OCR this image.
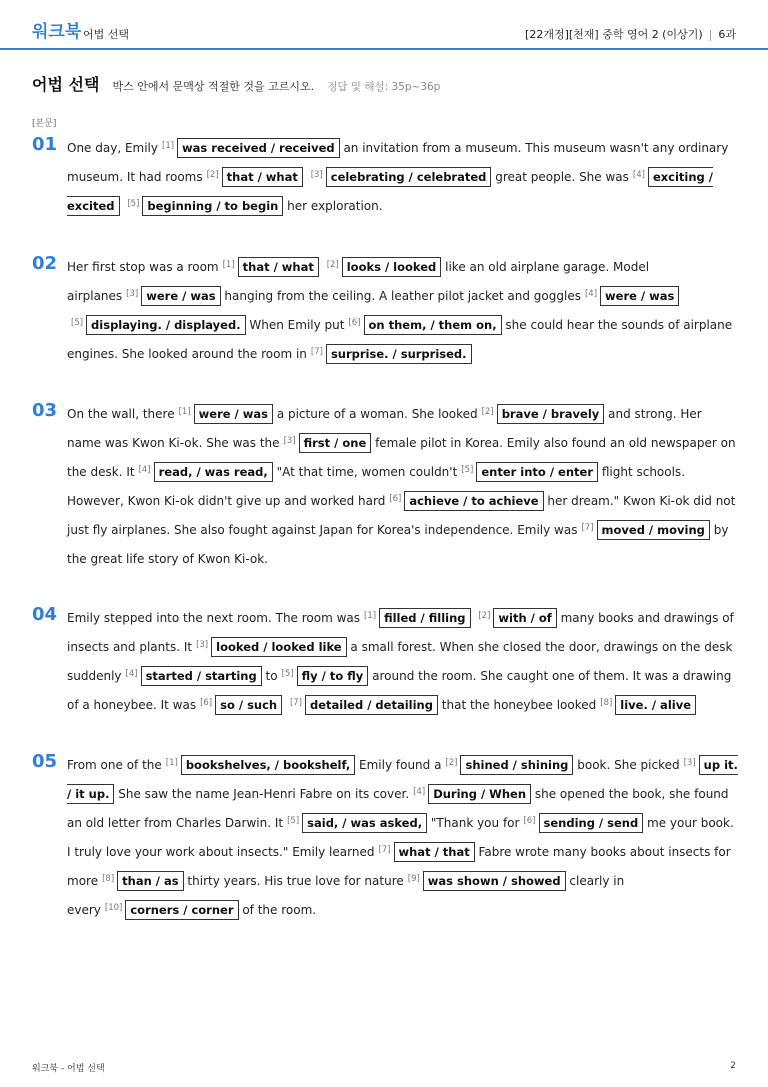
워크북 어법 선택	[22개정][천재] 중학 영어 2 (이상기) | 6과
어법 선택 박스 안에서 문맥상 적절한 것을 고르시오. 정답 및 해설: 35p~36p
[본문]
01 One day, Emily [1] was received / received an invitation from a museum. This museum wasn't any ordinary museum. It had rooms [2] that / what [3] celebrating / celebrated great people. She was [4] exciting / excited [5] beginning / to begin her exploration.
02 Her first stop was a room [1] that / what [2] looks / looked like an old airplane garage. Model airplanes [3] were / was hanging from the ceiling. A leather pilot jacket and goggles [4] were / was [5] displaying. / displayed. When Emily put [6] on them, / them on, she could hear the sounds of airplane engines. She looked around the room in [7] surprise. / surprised.
03 On the wall, there [1] were / was a picture of a woman. She looked [2] brave / bravely and strong. Her name was Kwon Ki-ok. She was the [3] first / one female pilot in Korea. Emily also found an old newspaper on the desk. It [4] read, / was read, "At that time, women couldn't [5] enter into / enter flight schools. However, Kwon Ki-ok didn't give up and worked hard [6] achieve / to achieve her dream." Kwon Ki-ok did not just fly airplanes. She also fought against Japan for Korea's independence. Emily was [7] moved / moving by the great life story of Kwon Ki-ok.
04 Emily stepped into the next room. The room was [1] filled / filling [2] with / of many books and drawings of insects and plants. It [3] looked / looked like a small forest. When she closed the door, drawings on the desk suddenly [4] started / starting to [5] fly / to fly around the room. She caught one of them. It was a drawing of a honeybee. It was [6] so / such [7] detailed / detailing that the honeybee looked [8] live. / alive
05 From one of the [1] bookshelves, / bookshelf, Emily found a [2] shined / shining book. She picked [3] up it. / it up. She saw the name Jean-Henri Fabre on its cover. [4] During / When she opened the book, she found an old letter from Charles Darwin. It [5] said, / was asked, "Thank you for [6] sending / send me your book. I truly love your work about insects." Emily learned [7] what / that Fabre wrote many books about insects for more [8] than / as thirty years. His true love for nature [9] was shown / showed clearly in every [10] corners / corner of the room.
워크북 - 어법 선택	2
